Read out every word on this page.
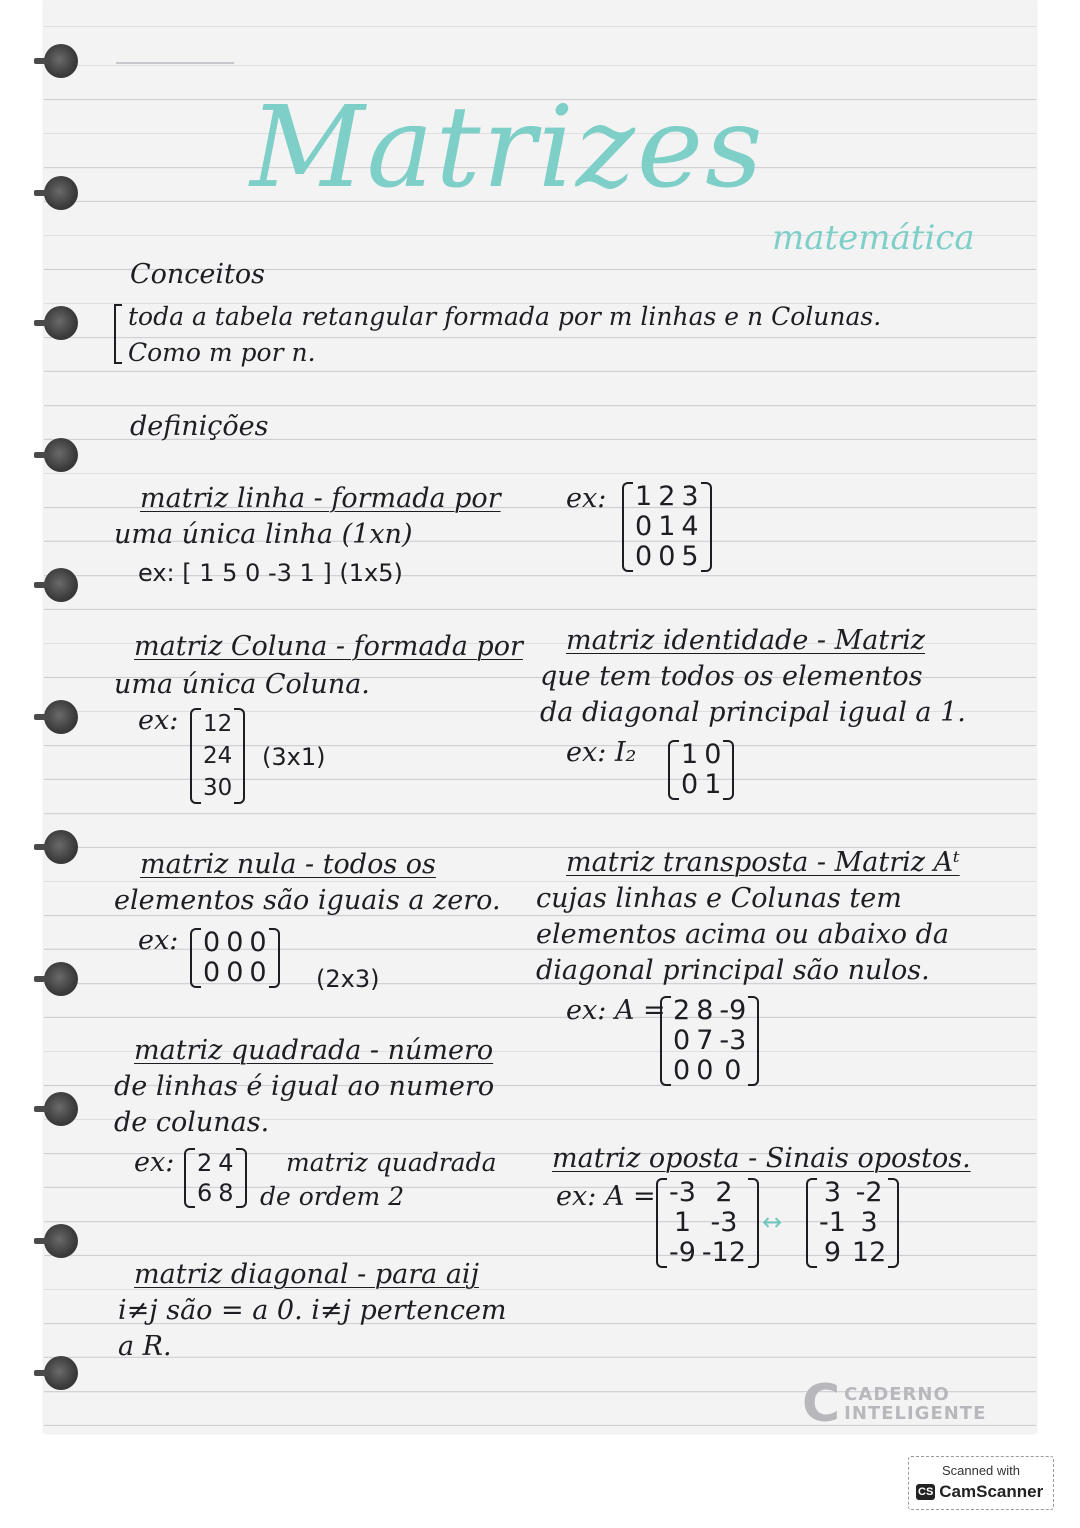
Matrizes
matemática
Conceitos
toda a tabela retangular formada por m linhas e n Colunas.
Como m por n.
definições
matriz linha - formada por
uma única linha (1xn)
ex: [ 1 5 0 -3 1 ] (1x5)
ex: 1 2 3
0 1 4
0 0 5
matriz Coluna - formada por
uma única Coluna.
ex: 12
24
30
(3x1)
matriz identidade - Matriz
que tem todos os elementos
da diagonal principal igual a 1.
ex: I₂ 1 0
0 1
matriz nula - todos os
elementos são iguais a zero.
ex: 0 0 0
0 0 0 (2x3)
matriz transposta - Matriz Aᵗ
cujas linhas e Colunas tem
elementos acima ou abaixo da
diagonal principal são nulos.
ex: A = 2 8 -9
0 7 -3
0 0 0
matriz quadrada - número
de linhas é igual ao numero
de colunas.
ex: 2 4
6 8
matriz quadrada
de ordem 2
matriz oposta - Sinais opostos.
ex: A = -3 2
1 -3
-9 -12
↔
3 -2
-1 3
9 12
matriz diagonal - para aij
i≠j são = a 0. i≠j pertencem
a R.
C CADERNO
INTELIGENTE
Scanned with
CS CamScanner
